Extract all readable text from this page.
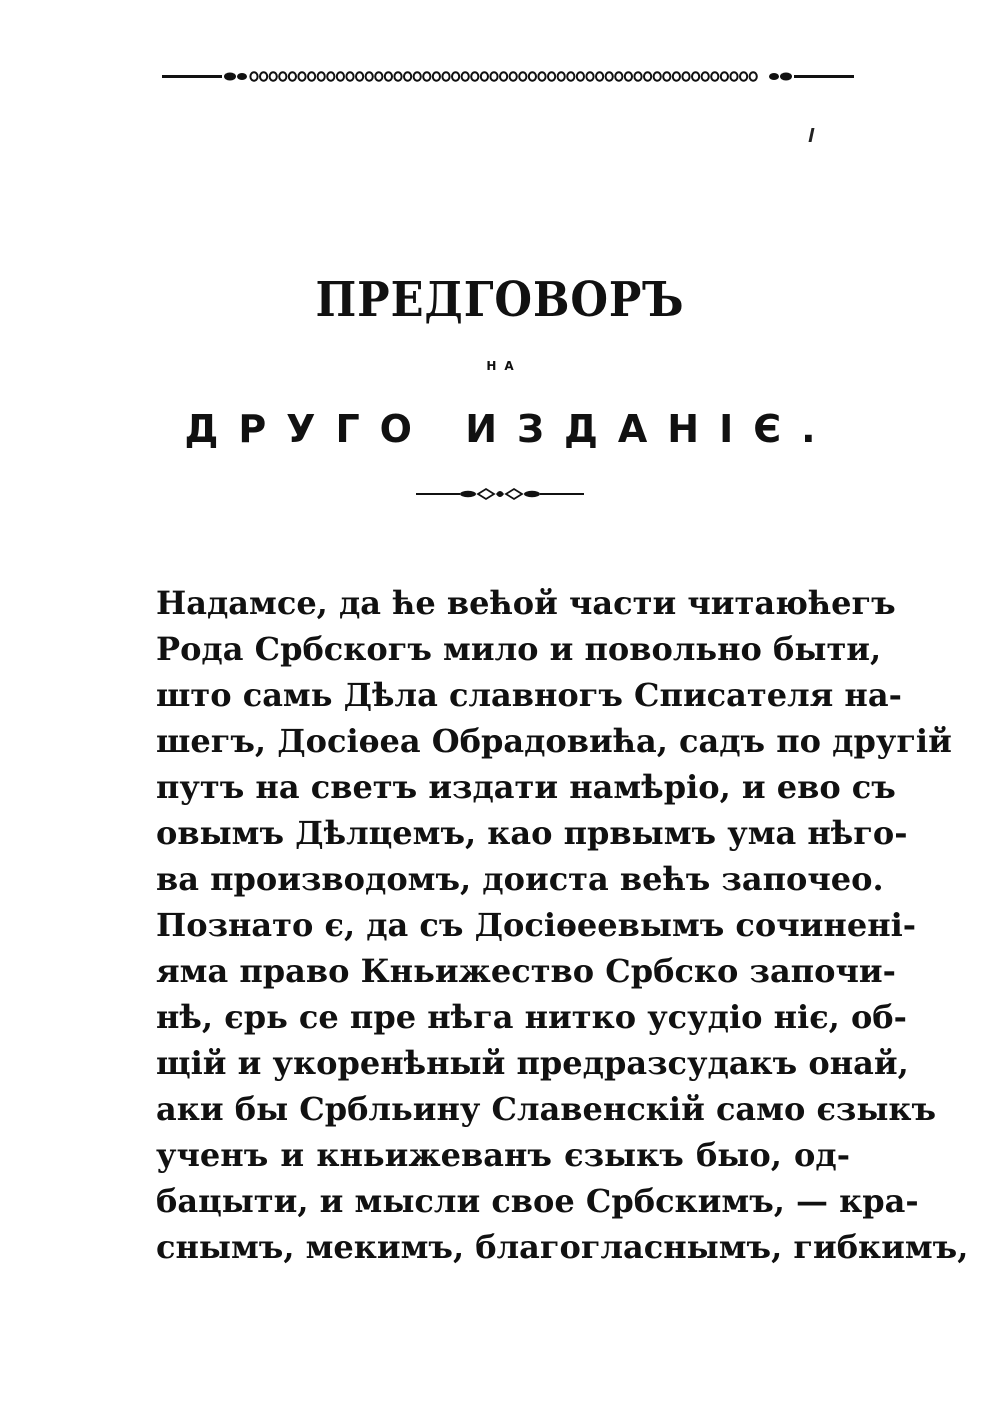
ПРЕДГОВОРЪ
НА
ДРУГО ИЗДАНІЄ.
Надамсе, да ће већой части читаюћегъ
Рода Србскогъ мило и повольно быти,
што самь Дѣла славногъ Списателя на-
шегъ, Досіѳеа Обрадовића, садъ по другій
путъ на светъ издати намѣріо, и ево съ
овымъ Дѣлцемъ, као првымъ ума нѣго-
ва производомъ, доиста већъ започео.
Познато є, да съ Досіѳеевымъ сочинені-
яма право Кньижество Србско започи-
нѣ, єрь се пре нѣга нитко усудіо ніє, об-
щій и укоренѣный предразсудакъ онай,
аки бы Србльину Славенскій само єзыкъ
ученъ и кньижеванъ єзыкъ быо, од-
бацыти, и мысли свое Србскимъ, — кра-
снымъ, мекимъ, благогласнымъ, гибкимъ,
